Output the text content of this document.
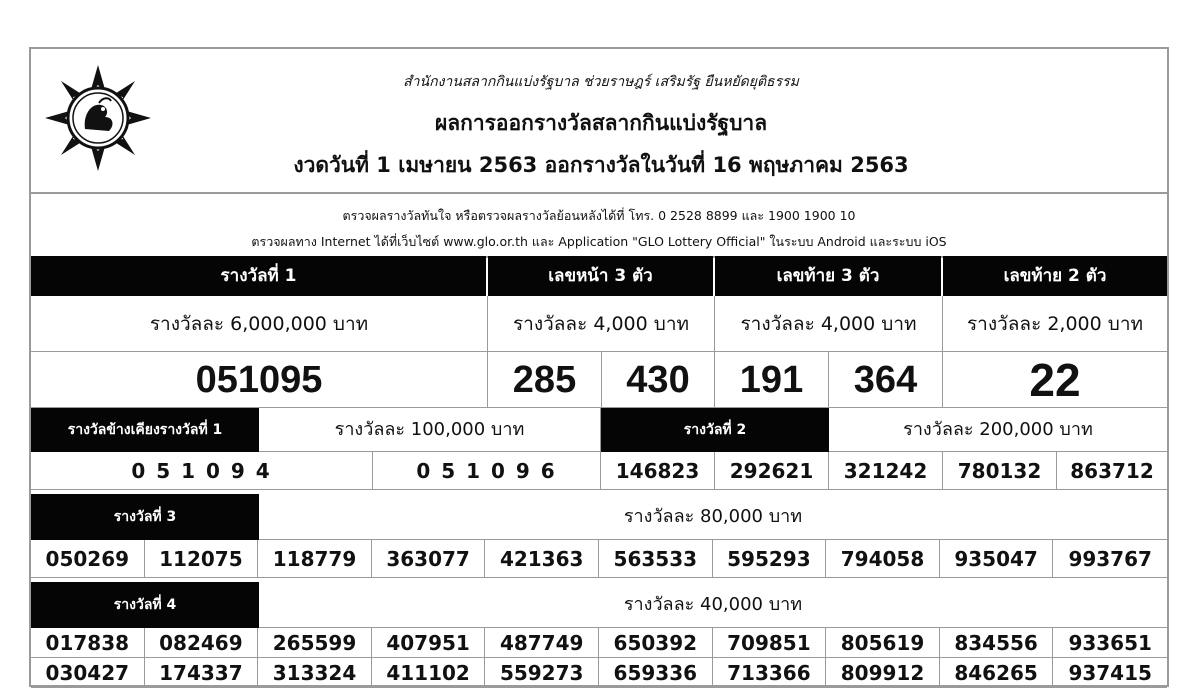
สำนักงานสลากกินแบ่งรัฐบาล ช่วยราษฎร์ เสริมรัฐ ยืนหยัดยุติธรรม
ผลการออกรางวัลสลากกินแบ่งรัฐบาล
งวดวันที่ 1 เมษายน 2563 ออกรางวัลในวันที่ 16 พฤษภาคม 2563
ตรวจผลรางวัลทันใจ หรือตรวจผลรางวัลย้อนหลังได้ที่ โทร. 0 2528 8899 และ 1900 1900 10
ตรวจผลทาง Internet ได้ที่เว็บไซต์ www.glo.or.th และ Application "GLO Lottery Official" ในระบบ Android และระบบ iOS
รางวัลที่ 1	เลขหน้า 3 ตัว	เลขท้าย 3 ตัว	เลขท้าย 2 ตัว
รางวัลละ 6,000,000 บาท	รางวัลละ 4,000 บาท	รางวัลละ 4,000 บาท	รางวัลละ 2,000 บาท
051095	285	430	191	364	22
รางวัลข้างเคียงรางวัลที่ 1	รางวัลละ 100,000 บาท	รางวัลที่ 2	รางวัลละ 200,000 บาท
0 5 1 0 9 4	0 5 1 0 9 6	146823	292621	321242	780132	863712
รางวัลที่ 3	รางวัลละ 80,000 บาท
050269	112075	118779	363077	421363	563533	595293	794058	935047	993767
รางวัลที่ 4	รางวัลละ 40,000 บาท
017838	082469	265599	407951	487749	650392	709851	805619	834556	933651
030427	174337	313324	411102	559273	659336	713366	809912	846265	937415
